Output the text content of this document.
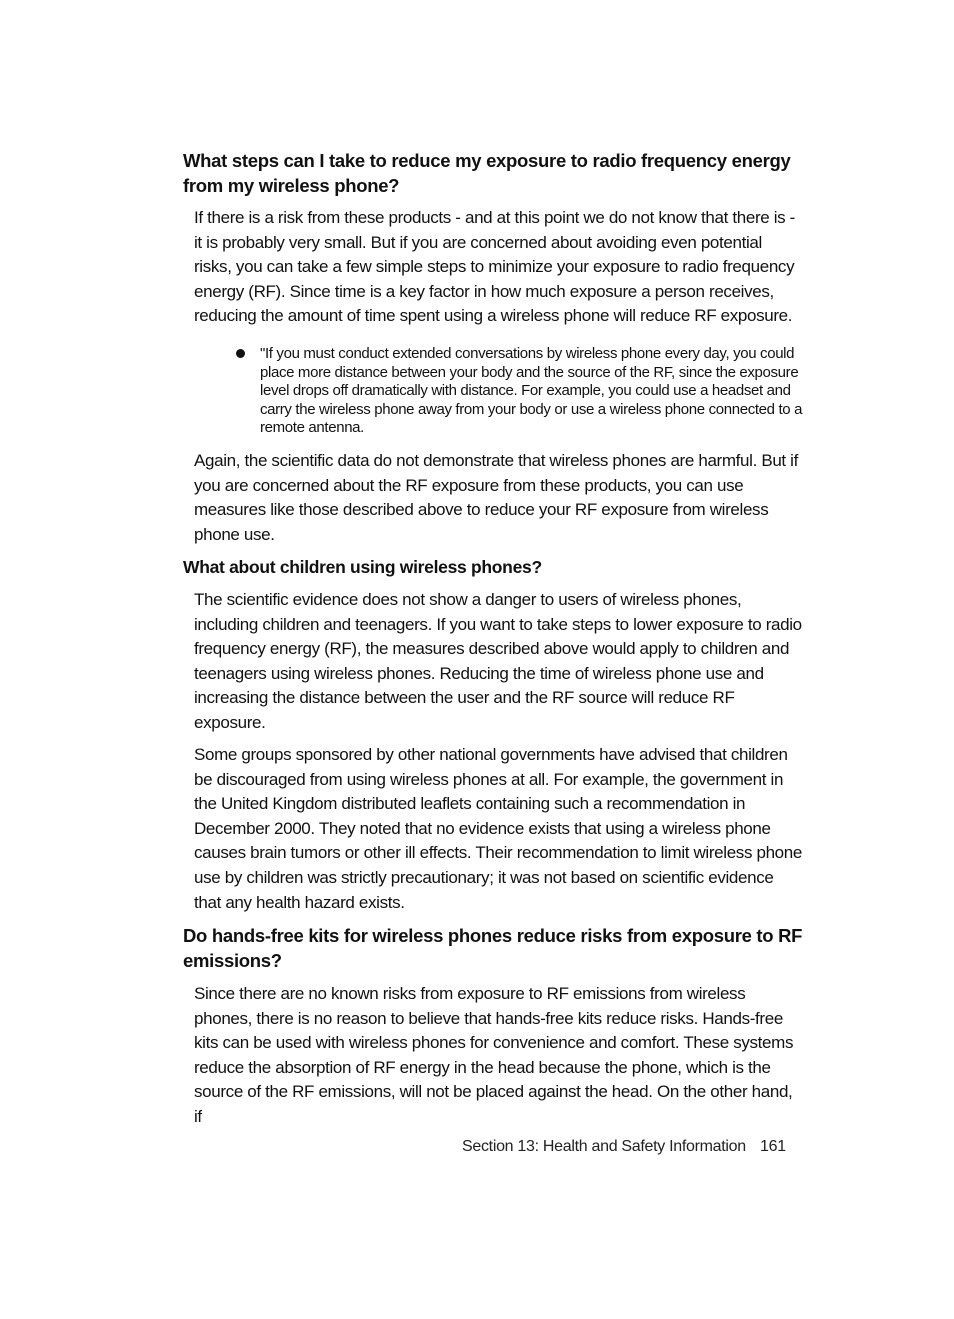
What steps can I take to reduce my exposure to radio frequency energy from my wireless phone?

If there is a risk from these products - and at this point we do not know that there is - it is probably very small. But if you are concerned about avoiding even potential risks, you can take a few simple steps to minimize your exposure to radio frequency energy (RF). Since time is a key factor in how much exposure a person receives, reducing the amount of time spent using a wireless phone will reduce RF exposure.

"If you must conduct extended conversations by wireless phone every day, you could place more distance between your body and the source of the RF, since the exposure level drops off dramatically with distance. For example, you could use a headset and carry the wireless phone away from your body or use a wireless phone connected to a remote antenna.

Again, the scientific data do not demonstrate that wireless phones are harmful. But if you are concerned about the RF exposure from these products, you can use measures like those described above to reduce your RF exposure from wireless phone use.

What about children using wireless phones?

The scientific evidence does not show a danger to users of wireless phones, including children and teenagers. If you want to take steps to lower exposure to radio frequency energy (RF), the measures described above would apply to children and teenagers using wireless phones. Reducing the time of wireless phone use and increasing the distance between the user and the RF source will reduce RF exposure.

Some groups sponsored by other national governments have advised that children be discouraged from using wireless phones at all. For example, the government in the United Kingdom distributed leaflets containing such a recommendation in December 2000. They noted that no evidence exists that using a wireless phone causes brain tumors or other ill effects. Their recommendation to limit wireless phone use by children was strictly precautionary; it was not based on scientific evidence that any health hazard exists.

Do hands-free kits for wireless phones reduce risks from exposure to RF emissions?

Since there are no known risks from exposure to RF emissions from wireless phones, there is no reason to believe that hands-free kits reduce risks. Hands-free kits can be used with wireless phones for convenience and comfort. These systems reduce the absorption of RF energy in the head because the phone, which is the source of the RF emissions, will not be placed against the head. On the other hand, if

Section 13: Health and Safety Information 161
